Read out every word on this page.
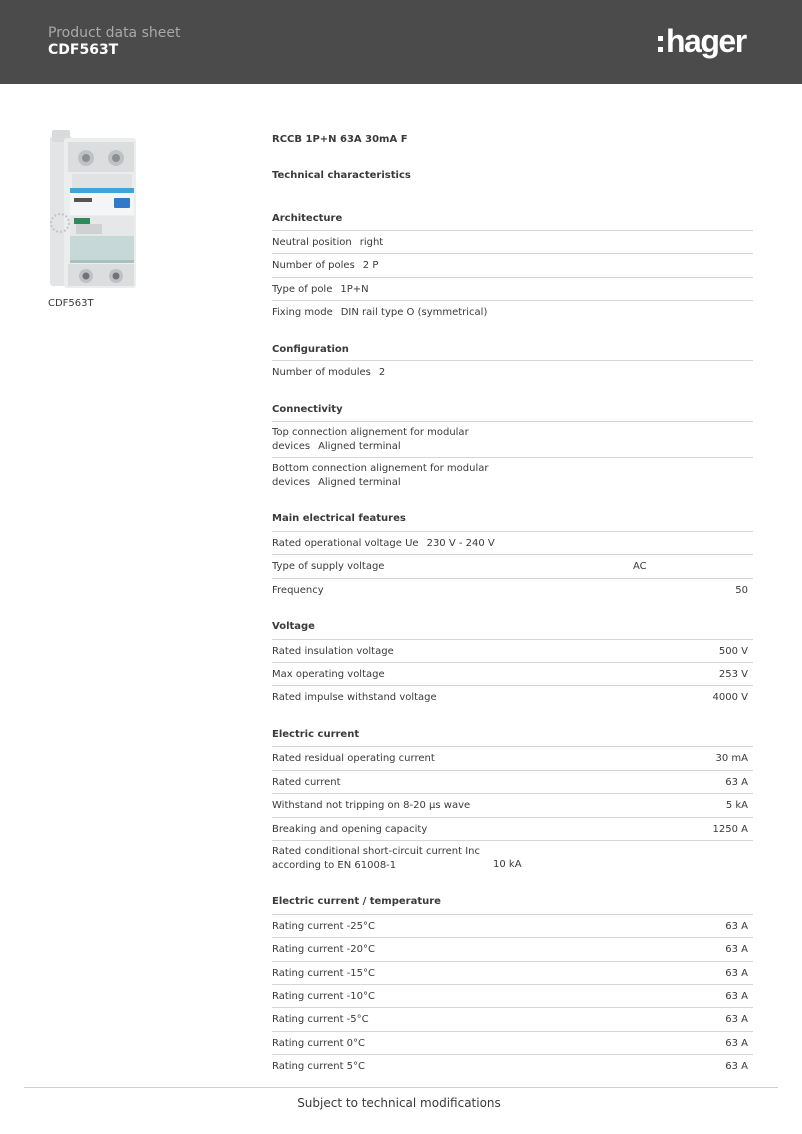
Product data sheet
CDF563T	hager
CDF563T
RCCB 1P+N 63A 30mA F
Technical characteristics
Architecture
Neutral position right
Number of poles 2 P
Type of pole 1P+N
Fixing mode DIN rail type O (symmetrical)
Configuration
Number of modules 2
Connectivity
Top connection alignement for modular
devices Aligned terminal
Bottom connection alignement for modular
devices Aligned terminal
Main electrical features
Rated operational voltage Ue 230 V - 240 V
Type of supply voltage	AC
Frequency	50
Voltage
Rated insulation voltage	500 V
Max operating voltage	253 V
Rated impulse withstand voltage	4000 V
Electric current
Rated residual operating current	30 mA
Rated current	63 A
Withstand not tripping on 8-20 µs wave	5 kA
Breaking and opening capacity	1250 A
Rated conditional short-circuit current Inc
according to EN 61008-1	10 kA
Electric current / temperature
Rating current -25°C	63 A
Rating current -20°C	63 A
Rating current -15°C	63 A
Rating current -10°C	63 A
Rating current -5°C	63 A
Rating current 0°C	63 A
Rating current 5°C	63 A
Subject to technical modifications
